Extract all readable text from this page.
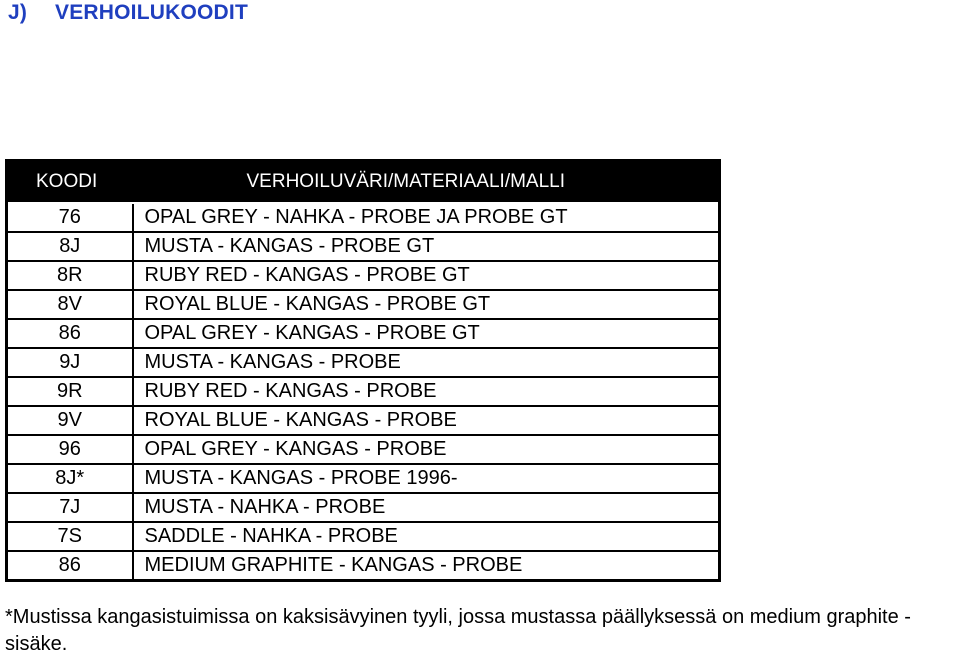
J) VERHOILUKOODIT
KOODI	VERHOILUVÄRI/MATERIAALI/MALLI
76	OPAL GREY - NAHKA - PROBE JA PROBE GT
8J	MUSTA - KANGAS - PROBE GT
8R	RUBY RED - KANGAS - PROBE GT
8V	ROYAL BLUE - KANGAS - PROBE GT
86	OPAL GREY - KANGAS - PROBE GT
9J	MUSTA - KANGAS - PROBE
9R	RUBY RED - KANGAS - PROBE
9V	ROYAL BLUE - KANGAS - PROBE
96	OPAL GREY - KANGAS - PROBE
8J*	MUSTA - KANGAS - PROBE 1996-
7J	MUSTA - NAHKA - PROBE
7S	SADDLE - NAHKA - PROBE
86	MEDIUM GRAPHITE - KANGAS - PROBE
*Mustissa kangasistuimissa on kaksisävyinen tyyli, jossa mustassa päällyksessä on medium graphite -sisäke.
